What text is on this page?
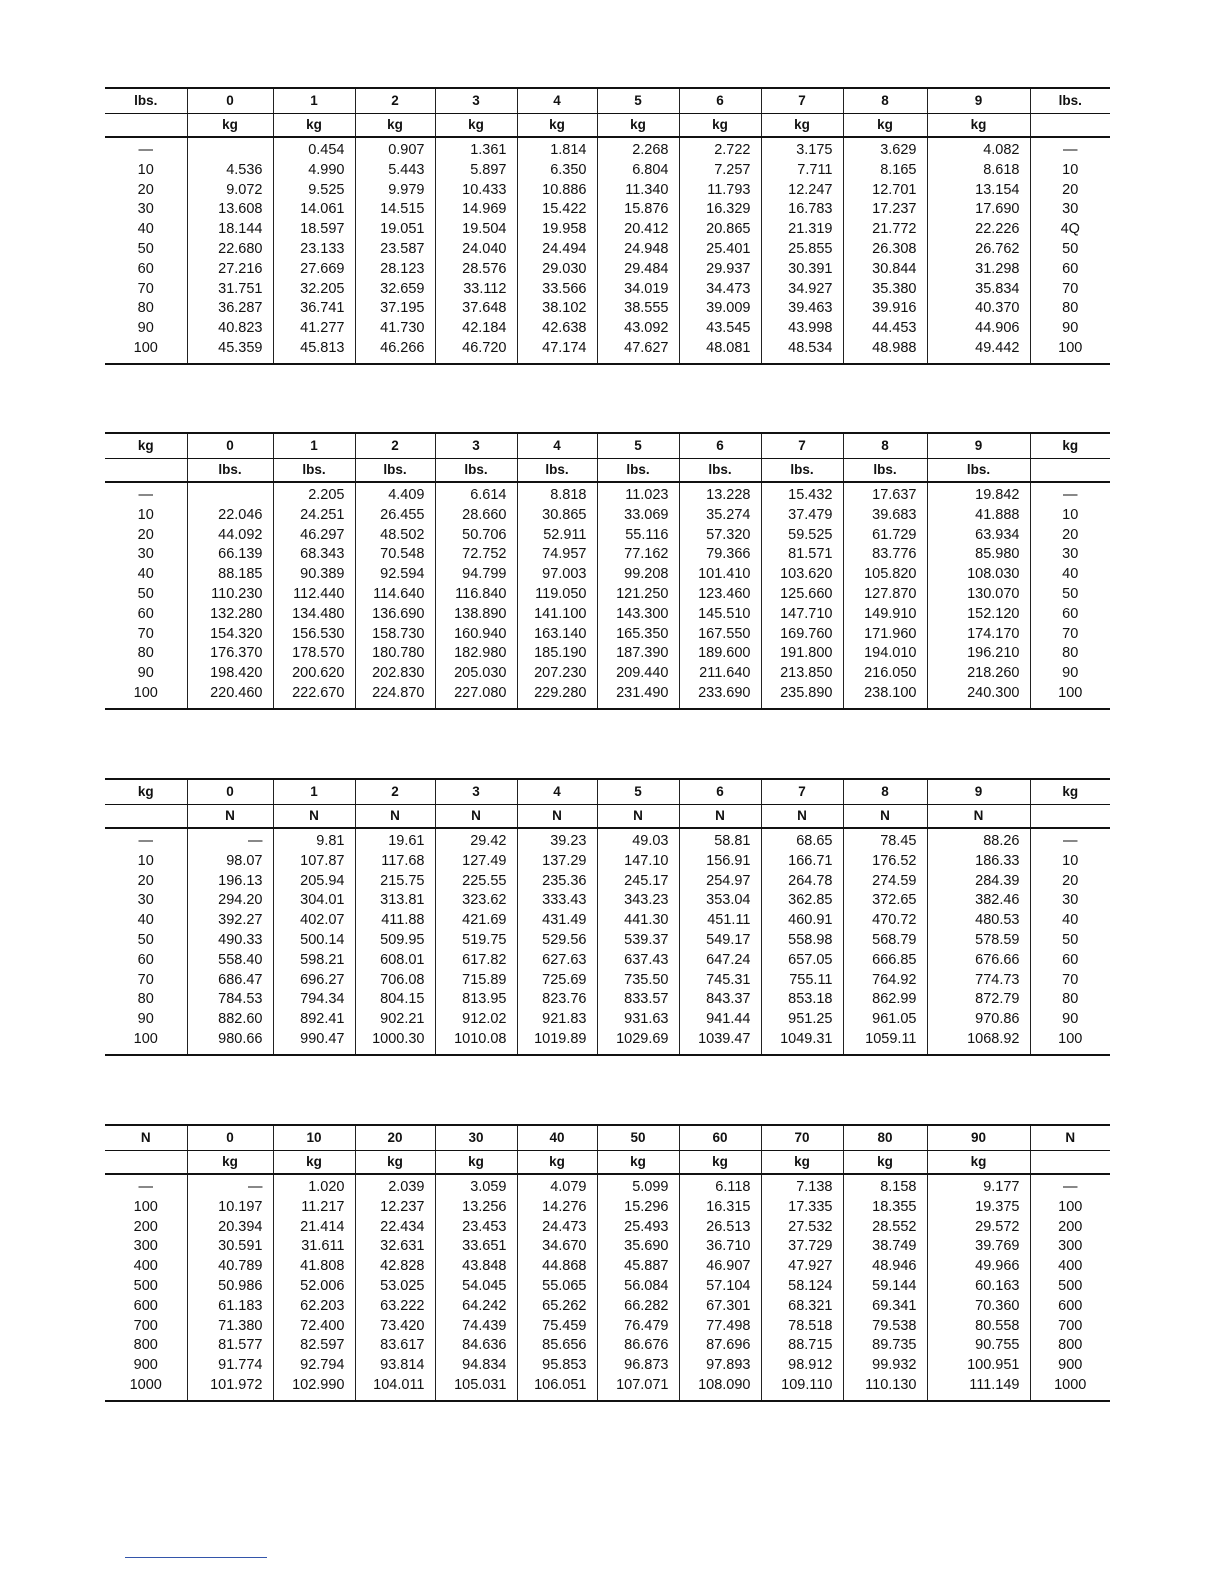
lbs.	0	1	2	3	4	5	6	7	8	9	lbs.
	kg	kg	kg	kg	kg	kg	kg	kg	kg	kg	
—		0.454	0.907	1.361	1.814	2.268	2.722	3.175	3.629	4.082	—
10	4.536	4.990	5.443	5.897	6.350	6.804	7.257	7.711	8.165	8.618	10
20	9.072	9.525	9.979	10.433	10.886	11.340	11.793	12.247	12.701	13.154	20
30	13.608	14.061	14.515	14.969	15.422	15.876	16.329	16.783	17.237	17.690	30
40	18.144	18.597	19.051	19.504	19.958	20.412	20.865	21.319	21.772	22.226	4Q
50	22.680	23.133	23.587	24.040	24.494	24.948	25.401	25.855	26.308	26.762	50
60	27.216	27.669	28.123	28.576	29.030	29.484	29.937	30.391	30.844	31.298	60
70	31.751	32.205	32.659	33.112	33.566	34.019	34.473	34.927	35.380	35.834	70
80	36.287	36.741	37.195	37.648	38.102	38.555	39.009	39.463	39.916	40.370	80
90	40.823	41.277	41.730	42.184	42.638	43.092	43.545	43.998	44.453	44.906	90
100	45.359	45.813	46.266	46.720	47.174	47.627	48.081	48.534	48.988	49.442	100
kg	0	1	2	3	4	5	6	7	8	9	kg
	lbs.	lbs.	lbs.	lbs.	lbs.	lbs.	lbs.	lbs.	lbs.	lbs.	
—		2.205	4.409	6.614	8.818	11.023	13.228	15.432	17.637	19.842	—
10	22.046	24.251	26.455	28.660	30.865	33.069	35.274	37.479	39.683	41.888	10
20	44.092	46.297	48.502	50.706	52.911	55.116	57.320	59.525	61.729	63.934	20
30	66.139	68.343	70.548	72.752	74.957	77.162	79.366	81.571	83.776	85.980	30
40	88.185	90.389	92.594	94.799	97.003	99.208	101.410	103.620	105.820	108.030	40
50	110.230	112.440	114.640	116.840	119.050	121.250	123.460	125.660	127.870	130.070	50
60	132.280	134.480	136.690	138.890	141.100	143.300	145.510	147.710	149.910	152.120	60
70	154.320	156.530	158.730	160.940	163.140	165.350	167.550	169.760	171.960	174.170	70
80	176.370	178.570	180.780	182.980	185.190	187.390	189.600	191.800	194.010	196.210	80
90	198.420	200.620	202.830	205.030	207.230	209.440	211.640	213.850	216.050	218.260	90
100	220.460	222.670	224.870	227.080	229.280	231.490	233.690	235.890	238.100	240.300	100
kg	0	1	2	3	4	5	6	7	8	9	kg
	N	N	N	N	N	N	N	N	N	N	
—	—	9.81	19.61	29.42	39.23	49.03	58.81	68.65	78.45	88.26	—
10	98.07	107.87	117.68	127.49	137.29	147.10	156.91	166.71	176.52	186.33	10
20	196.13	205.94	215.75	225.55	235.36	245.17	254.97	264.78	274.59	284.39	20
30	294.20	304.01	313.81	323.62	333.43	343.23	353.04	362.85	372.65	382.46	30
40	392.27	402.07	411.88	421.69	431.49	441.30	451.11	460.91	470.72	480.53	40
50	490.33	500.14	509.95	519.75	529.56	539.37	549.17	558.98	568.79	578.59	50
60	558.40	598.21	608.01	617.82	627.63	637.43	647.24	657.05	666.85	676.66	60
70	686.47	696.27	706.08	715.89	725.69	735.50	745.31	755.11	764.92	774.73	70
80	784.53	794.34	804.15	813.95	823.76	833.57	843.37	853.18	862.99	872.79	80
90	882.60	892.41	902.21	912.02	921.83	931.63	941.44	951.25	961.05	970.86	90
100	980.66	990.47	1000.30	1010.08	1019.89	1029.69	1039.47	1049.31	1059.11	1068.92	100
N	0	10	20	30	40	50	60	70	80	90	N
	kg	kg	kg	kg	kg	kg	kg	kg	kg	kg	
—	—	1.020	2.039	3.059	4.079	5.099	6.118	7.138	8.158	9.177	—
100	10.197	11.217	12.237	13.256	14.276	15.296	16.315	17.335	18.355	19.375	100
200	20.394	21.414	22.434	23.453	24.473	25.493	26.513	27.532	28.552	29.572	200
300	30.591	31.611	32.631	33.651	34.670	35.690	36.710	37.729	38.749	39.769	300
400	40.789	41.808	42.828	43.848	44.868	45.887	46.907	47.927	48.946	49.966	400
500	50.986	52.006	53.025	54.045	55.065	56.084	57.104	58.124	59.144	60.163	500
600	61.183	62.203	63.222	64.242	65.262	66.282	67.301	68.321	69.341	70.360	600
700	71.380	72.400	73.420	74.439	75.459	76.479	77.498	78.518	79.538	80.558	700
800	81.577	82.597	83.617	84.636	85.656	86.676	87.696	88.715	89.735	90.755	800
900	91.774	92.794	93.814	94.834	95.853	96.873	97.893	98.912	99.932	100.951	900
1000	101.972	102.990	104.011	105.031	106.051	107.071	108.090	109.110	110.130	111.149	1000
